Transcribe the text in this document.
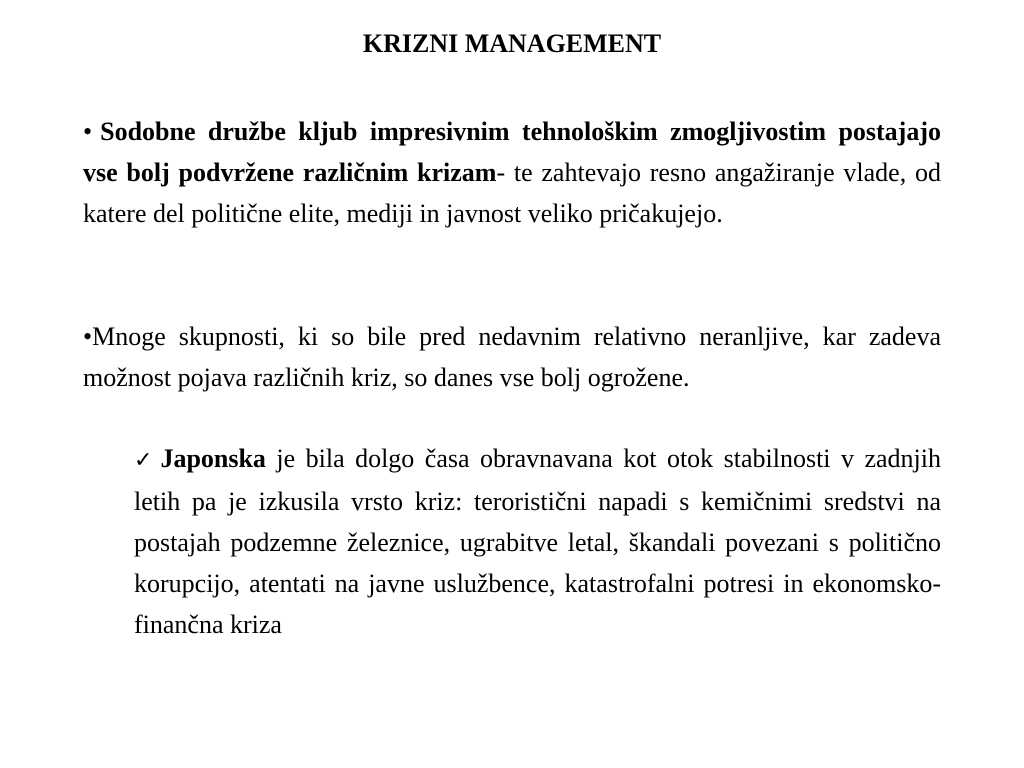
KRIZNI MANAGEMENT

• Sodobne družbe kljub impresivnim tehnološkim zmogljivostim postajajo vse bolj podvržene različnim krizam- te zahtevajo resno angažiranje vlade, od katere del politične elite, mediji in javnost veliko pričakujejo.

•Mnoge skupnosti, ki so bile pred nedavnim relativno neranljive, kar zadeva možnost pojava različnih kriz, so danes vse bolj ogrožene.

✓ Japonska je bila dolgo časa obravnavana kot otok stabilnosti v zadnjih letih pa je izkusila vrsto kriz: teroristični napadi s kemičnimi sredstvi na postajah podzemne železnice, ugrabitve letal, škandali povezani s politično korupcijo, atentati na javne uslužbence, katastrofalni potresi in ekonomsko-finančna kriza
